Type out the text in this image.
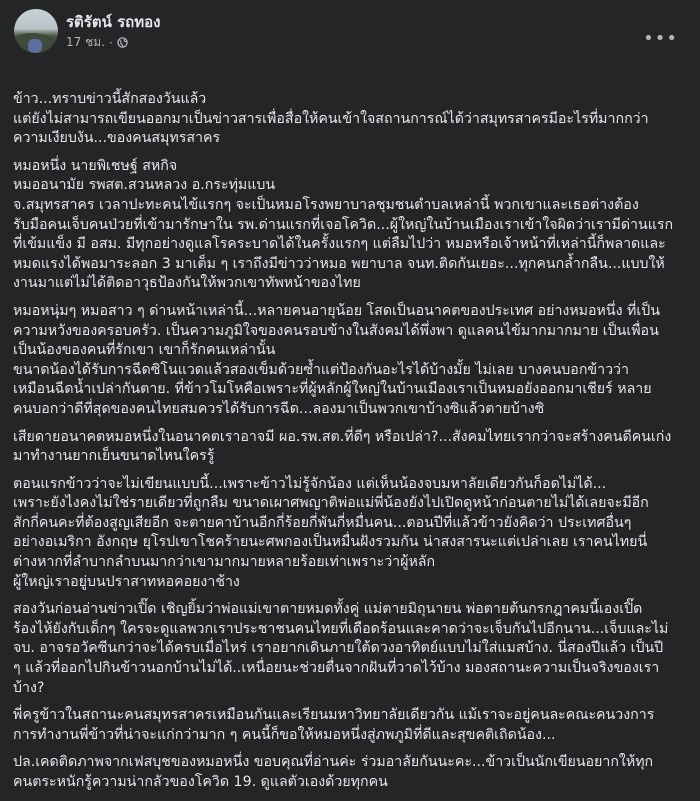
รติรัตน์ รถทอง
17 ชม. ·	•••
ข้าว...ทราบข่าวนี้สักสองวันแล้ว
แต่ยังไม่สามารถเขียนออกมาเป็นข่าวสารเพื่อสื่อให้คนเข้าใจสถานการณ์ได้ว่าสมุทรสาครมีอะไรที่มากกว่า
ความเงียบงัน...ของคนสมุทรสาคร
หมอหนึ่ง นายพิเชษฐ์ สหกิจ
หมออนามัย รพสต.สวนหลวง อ.กระทุ่มแบน
จ.สมุทรสาคร เวลาปะทะคนไข้แรกๆ จะเป็นหมอโรงพยาบาลชุมชนตำบลเหล่านี้ พวกเขาและเธอต่างต้อง
รับมือคนเจ็บคนป่วยที่เข้ามารักษาใน รพ.ด่านแรกที่เจอโควิด...ผู้ใหญ่ในบ้านเมืองเราเข้าใจผิดว่าเรามีด่านแรก
ที่เข้มแข็ง มี อสม. มีทุกอย่างดูแลโรคระบาดได้ในครั้งแรกๆ แต่ลืมไปว่า หมอหรือเจ้าหน้าที่เหล่านี้ก็พลาดและ
หมดแรงได้พอมาระลอก 3 มาเต็ม ๆ เราถึงมีข่าวว่าหมอ พยาบาล จนท.ติดกันเยอะ...ทุกคนกล้ำกลืน...แบบให้
งานมาแต่ไม่ได้ติดอาวุธป้องกันให้พวกเขาทัพหน้าของไทย
หมอหนุ่มๆ หมอสาว ๆ ด่านหน้าเหล่านี้...หลายคนอายุน้อย โสดเป็นอนาคตของประเทศ อย่างหมอหนึ่ง ที่เป็น
ความหวังของครอบครัว. เป็นความภูมิใจของคนรอบข้างในสังคมได้พึ่งพา ดูแลคนไข้มากมากมาย เป็นเพื่อน
เป็นน้องของคนที่รักเขา เขาก็รักคนเหล่านั้น
ขนาดน้องได้รับการฉีดซิโนแวดแล้วสองเข็มด้วยซ้ำแต่ป้องกันอะไรได้บ้างมั้ย ไม่เลย บางคนบอกข้าวว่า
เหมือนฉีดน้ำเปล่ากันตาย. ที่ข้าวโมโหคือเพราะที่ผู้หลักผู้ใหญ่ในบ้านเมืองเราเป็นหมอยังออกมาเชียร์ หลาย
คนบอกว่าดีที่สุดของคนไทยสมควรได้รับการฉีด...ลองมาเป็นพวกเขาบ้างซิแล้วตายบ้างซิ
เสียดายอนาคตหมอหนึ่งในอนาคตเราอาจมี ผอ.รพ.สต.ที่ดีๆ หรือเปล่า?...สังคมไทยเรากว่าจะสร้างคนดีคนเก่ง
มาทำงานยากเย็นขนาดไหนใครรู้
ตอนแรกข้าวว่าจะไม่เขียนแบบนี้...เพราะข้าวไม่รู้จักน้อง แต่เห็นน้องจบมหาลัยเดียวกันก็อดไม่ได้...
เพราะยังไงคงไม่ใช่รายเดียวที่ถูกลืม ขนาดเผาศพญาติพ่อแม่พี่น้องยังไปเปิดดูหน้าก่อนตายไม่ได้เลยจะมีอีก
สักกี่คนคะที่ต้องสูญเสียอีก จะตายคาบ้านอีกกี่ร้อยกี่พันกี่หมื่นคน...ตอนปีที่แล้วข้าวยังคิดว่า ประเทศอื่นๆ
อย่างอเมริกา อังกฤษ ยุโรปเขาโชคร้ายนะศพกองเป็นหมื่นฝังรวมกัน น่าสงสารนะแต่เปล่าเลย เราคนไทยนี่
ต่างหากที่ลำบากลำบนมากว่าเขามากมายหลายร้อยเท่าเพราะว่าผู้หลัก
ผู้ใหญ่เราอยู่บนปราสาทหอคอยงาช้าง
สองวันก่อนอ่านข่าวเปิ๊ด เชิญยิ้มว่าพ่อแม่เขาตายหมดทั้งคู่ แม่ตายมิถุนายน พ่อตายต้นกรกฎาคมนี้เองเปิ๊ด
ร้องไห้ยังกับเด็กๆ ใครจะดูแลพวกเราประชาชนคนไทยที่เดือดร้อนและคาดว่าจะเจ็บกันไปอีกนาน...เจ็บและไม่
จบ. อาจรอวัคซีนกว่าจะได้ครบเมื่อไหร่ เราอยากเดินภายใต้ดวงอาทิตย์แบบไม่ใส่แมสบ้าง. นี่สองปีแล้ว เป็นปี
ๆ แล้วที่ออกไปกินข้าวนอกบ้านไม่ได้..เหนื่อยนะช่วยตื่นจากฝันที่วาดไว้บ้าง มองสถานะความเป็นจริงของเรา
บ้าง?
พี่ครูข้าวในสถานะคนสมุทรสาครเหมือนกันและเรียนมหาวิทยาลัยเดียวกัน แม้เราจะอยู่คนละคณะคนวงการ
การทำงานพี่ข้าวที่น่าจะแก่กว่ามาก ๆ คนนี้ก็ขอให้หมอหนึ่งสู่ภพภูมิที่ดีและสุขคติเถิดน้อง...
ปล.เคดติดภาพจากเฟสบุชของหมอหนึ่ง ขอบคุณที่อ่านค่ะ ร่วมอาลัยกันนะคะ...ข้าวเป็นนักเขียนอยากให้ทุก
คนตระหนักรู้ความน่ากลัวของโควิด 19. ดูแลตัวเองด้วยทุกคน
